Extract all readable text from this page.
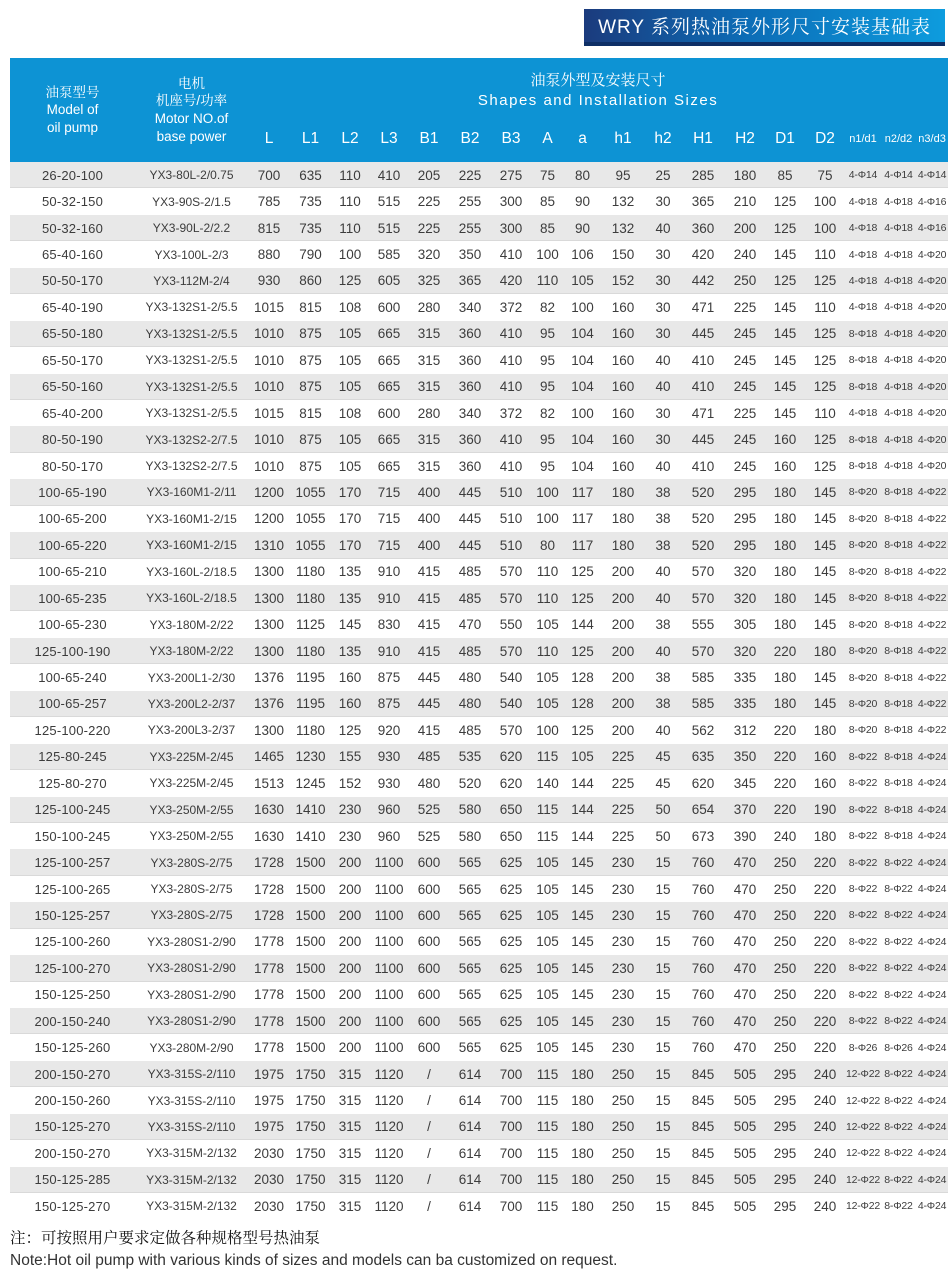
WRY 系列热油泵外形尺寸安装基础表
油泵型号
Model of
oil pump

电机
机座号/功率
Motor NO.of
base power

油泵外型及安装尺寸
Shapes and Installation Sizes

		L	L1	L2	L3	B1	B2	B3	A	a	h1	h2	H1	H2	D1	D2	n1/d1	n2/d2	n3/d3
26-20-100	YX3-80L-2/0.75	700	635	110	410	205	225	275	75	80	95	25	285	180	85	75	4-Φ14	4-Φ14	4-Φ14
50-32-150	YX3-90S-2/1.5	785	735	110	515	225	255	300	85	90	132	30	365	210	125	100	4-Φ18	4-Φ18	4-Φ16
50-32-160	YX3-90L-2/2.2	815	735	110	515	225	255	300	85	90	132	40	360	200	125	100	4-Φ18	4-Φ18	4-Φ16
65-40-160	YX3-100L-2/3	880	790	100	585	320	350	410	100	106	150	30	420	240	145	110	4-Φ18	4-Φ18	4-Φ20
50-50-170	YX3-112M-2/4	930	860	125	605	325	365	420	110	105	152	30	442	250	125	125	4-Φ18	4-Φ18	4-Φ20
65-40-190	YX3-132S1-2/5.5	1015	815	108	600	280	340	372	82	100	160	30	471	225	145	110	4-Φ18	4-Φ18	4-Φ20
65-50-180	YX3-132S1-2/5.5	1010	875	105	665	315	360	410	95	104	160	30	445	245	145	125	8-Φ18	4-Φ18	4-Φ20
65-50-170	YX3-132S1-2/5.5	1010	875	105	665	315	360	410	95	104	160	40	410	245	145	125	8-Φ18	4-Φ18	4-Φ20
65-50-160	YX3-132S1-2/5.5	1010	875	105	665	315	360	410	95	104	160	40	410	245	145	125	8-Φ18	4-Φ18	4-Φ20
65-40-200	YX3-132S1-2/5.5	1015	815	108	600	280	340	372	82	100	160	30	471	225	145	110	4-Φ18	4-Φ18	4-Φ20
80-50-190	YX3-132S2-2/7.5	1010	875	105	665	315	360	410	95	104	160	30	445	245	160	125	8-Φ18	4-Φ18	4-Φ20
80-50-170	YX3-132S2-2/7.5	1010	875	105	665	315	360	410	95	104	160	40	410	245	160	125	8-Φ18	4-Φ18	4-Φ20
100-65-190	YX3-160M1-2/11	1200	1055	170	715	400	445	510	100	117	180	38	520	295	180	145	8-Φ20	8-Φ18	4-Φ22
100-65-200	YX3-160M1-2/15	1200	1055	170	715	400	445	510	100	117	180	38	520	295	180	145	8-Φ20	8-Φ18	4-Φ22
100-65-220	YX3-160M1-2/15	1310	1055	170	715	400	445	510	80	117	180	38	520	295	180	145	8-Φ20	8-Φ18	4-Φ22
100-65-210	YX3-160L-2/18.5	1300	1180	135	910	415	485	570	110	125	200	40	570	320	180	145	8-Φ20	8-Φ18	4-Φ22
100-65-235	YX3-160L-2/18.5	1300	1180	135	910	415	485	570	110	125	200	40	570	320	180	145	8-Φ20	8-Φ18	4-Φ22
100-65-230	YX3-180M-2/22	1300	1125	145	830	415	470	550	105	144	200	38	555	305	180	145	8-Φ20	8-Φ18	4-Φ22
125-100-190	YX3-180M-2/22	1300	1180	135	910	415	485	570	110	125	200	40	570	320	220	180	8-Φ20	8-Φ18	4-Φ22
100-65-240	YX3-200L1-2/30	1376	1195	160	875	445	480	540	105	128	200	38	585	335	180	145	8-Φ20	8-Φ18	4-Φ22
100-65-257	YX3-200L2-2/37	1376	1195	160	875	445	480	540	105	128	200	38	585	335	180	145	8-Φ20	8-Φ18	4-Φ22
125-100-220	YX3-200L3-2/37	1300	1180	125	920	415	485	570	100	125	200	40	562	312	220	180	8-Φ20	8-Φ18	4-Φ22
125-80-245	YX3-225M-2/45	1465	1230	155	930	485	535	620	115	105	225	45	635	350	220	160	8-Φ22	8-Φ18	4-Φ24
125-80-270	YX3-225M-2/45	1513	1245	152	930	480	520	620	140	144	225	45	620	345	220	160	8-Φ22	8-Φ18	4-Φ24
125-100-245	YX3-250M-2/55	1630	1410	230	960	525	580	650	115	144	225	50	654	370	220	190	8-Φ22	8-Φ18	4-Φ24
150-100-245	YX3-250M-2/55	1630	1410	230	960	525	580	650	115	144	225	50	673	390	240	180	8-Φ22	8-Φ18	4-Φ24
125-100-257	YX3-280S-2/75	1728	1500	200	1100	600	565	625	105	145	230	15	760	470	250	220	8-Φ22	8-Φ22	4-Φ24
125-100-265	YX3-280S-2/75	1728	1500	200	1100	600	565	625	105	145	230	15	760	470	250	220	8-Φ22	8-Φ22	4-Φ24
150-125-257	YX3-280S-2/75	1728	1500	200	1100	600	565	625	105	145	230	15	760	470	250	220	8-Φ22	8-Φ22	4-Φ24
125-100-260	YX3-280S1-2/90	1778	1500	200	1100	600	565	625	105	145	230	15	760	470	250	220	8-Φ22	8-Φ22	4-Φ24
125-100-270	YX3-280S1-2/90	1778	1500	200	1100	600	565	625	105	145	230	15	760	470	250	220	8-Φ22	8-Φ22	4-Φ24
150-125-250	YX3-280S1-2/90	1778	1500	200	1100	600	565	625	105	145	230	15	760	470	250	220	8-Φ22	8-Φ22	4-Φ24
200-150-240	YX3-280S1-2/90	1778	1500	200	1100	600	565	625	105	145	230	15	760	470	250	220	8-Φ22	8-Φ22	4-Φ24
150-125-260	YX3-280M-2/90	1778	1500	200	1100	600	565	625	105	145	230	15	760	470	250	220	8-Φ26	8-Φ26	4-Φ24
200-150-270	YX3-315S-2/110	1975	1750	315	1120	/	614	700	115	180	250	15	845	505	295	240	12-Φ22	8-Φ22	4-Φ24
200-150-260	YX3-315S-2/110	1975	1750	315	1120	/	614	700	115	180	250	15	845	505	295	240	12-Φ22	8-Φ22	4-Φ24
150-125-270	YX3-315S-2/110	1975	1750	315	1120	/	614	700	115	180	250	15	845	505	295	240	12-Φ22	8-Φ22	4-Φ24
200-150-270	YX3-315M-2/132	2030	1750	315	1120	/	614	700	115	180	250	15	845	505	295	240	12-Φ22	8-Φ22	4-Φ24
150-125-285	YX3-315M-2/132	2030	1750	315	1120	/	614	700	115	180	250	15	845	505	295	240	12-Φ22	8-Φ22	4-Φ24
150-125-270	YX3-315M-2/132	2030	1750	315	1120	/	614	700	115	180	250	15	845	505	295	240	12-Φ22	8-Φ22	4-Φ24
注：可按照用户要求定做各种规格型号热油泵
Note:Hot oil pump with various kinds of sizes and models can ba customized on request.
